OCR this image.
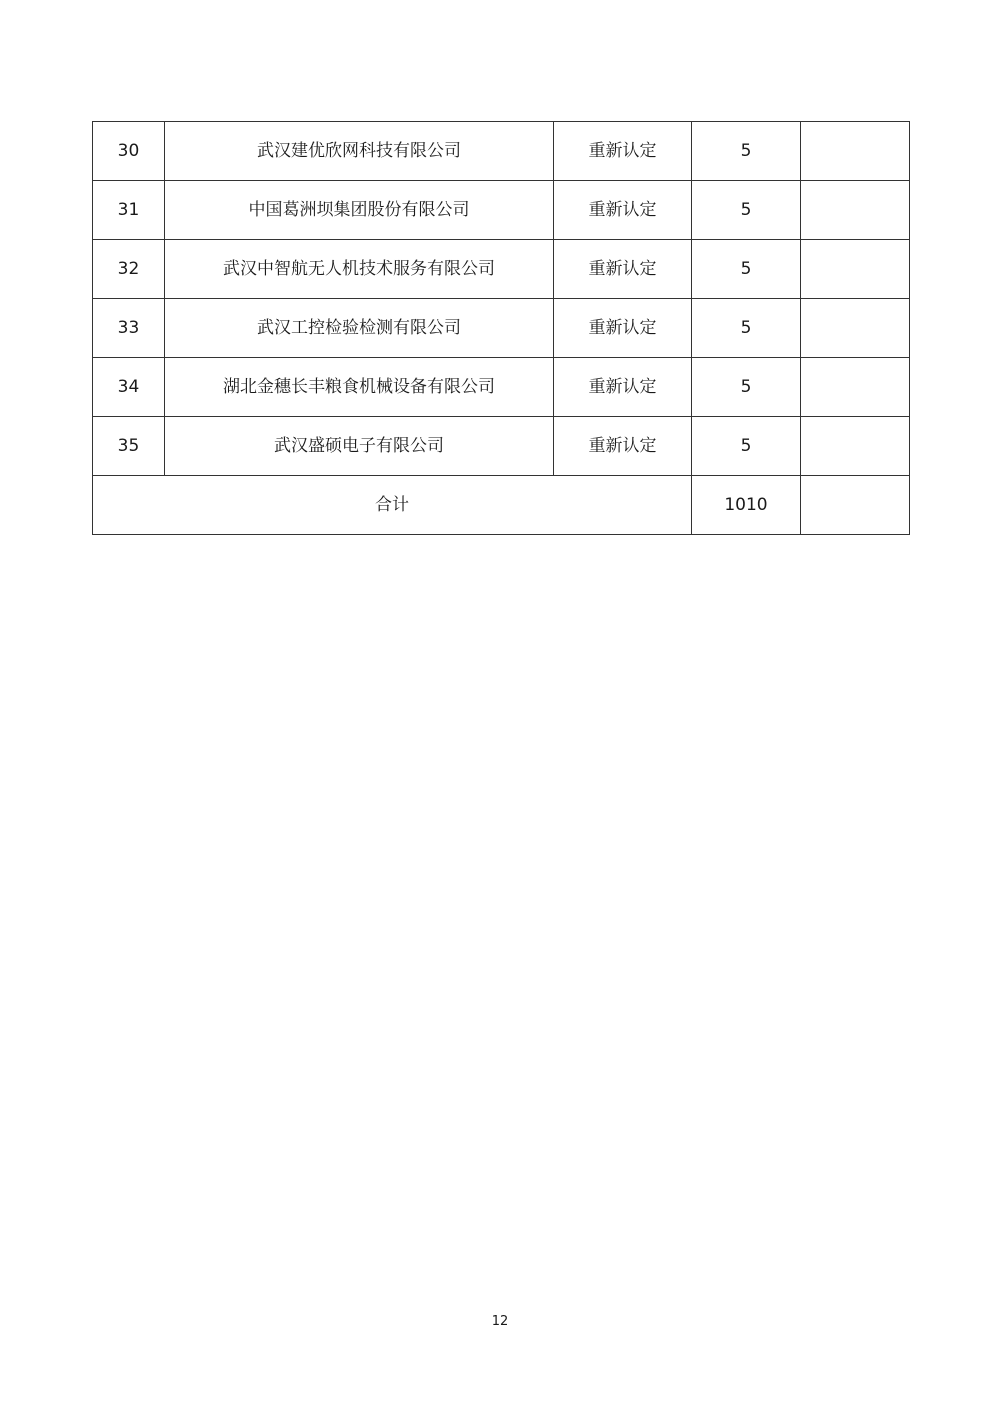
30	武汉建优欣网科技有限公司	重新认定	5	
31	中国葛洲坝集团股份有限公司	重新认定	5	
32	武汉中智航无人机技术服务有限公司	重新认定	5	
33	武汉工控检验检测有限公司	重新认定	5	
34	湖北金穗长丰粮食机械设备有限公司	重新认定	5	
35	武汉盛硕电子有限公司	重新认定	5	
合计			1010	
12
